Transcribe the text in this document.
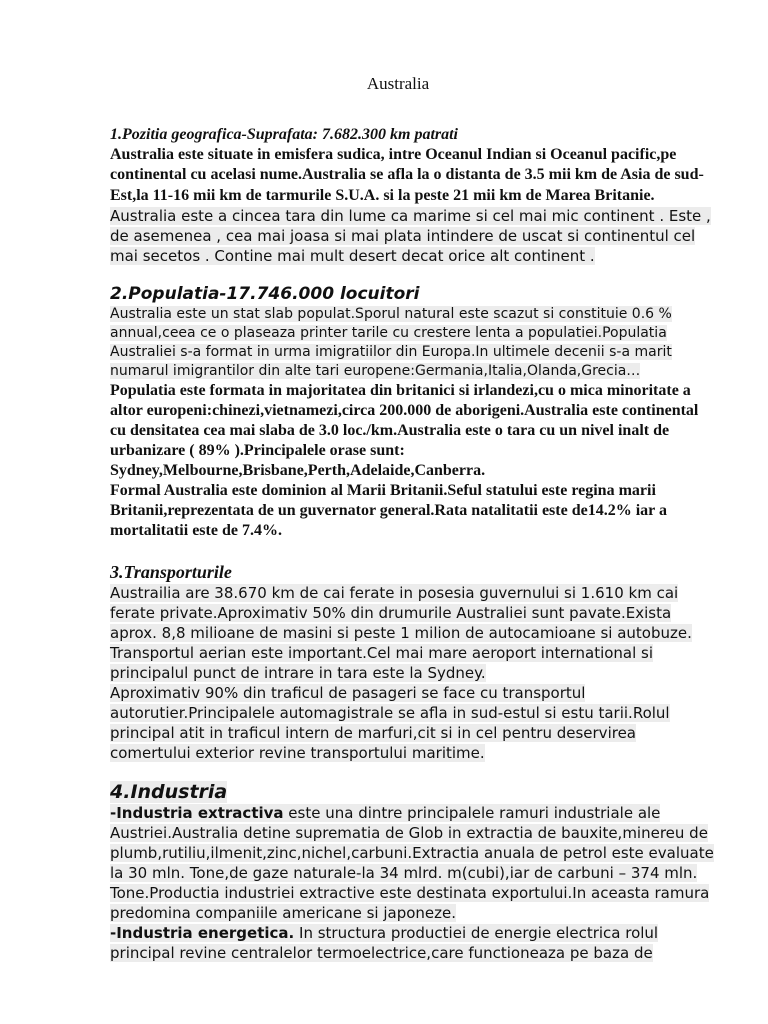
Australia
1.Pozitia geografica-Suprafata: 7.682.300 km patrati

Australia este situate in emisfera sudica, intre Oceanul Indian si Oceanul pacific,pe continental cu acelasi nume.Australia se afla la o distanta de 3.5 mii km de Asia de sud-Est,la 11-16 mii km de tarmurile S.U.A. si la peste 21 mii km de Marea Britanie. Australia este a cincea tara din lume ca marime si cel mai mic continent . Este , de asemenea , cea mai joasa si mai plata intindere de uscat si continentul cel mai secetos . Contine mai mult desert decat orice alt continent .

2.Populatia-17.746.000 locuitori

Australia este un stat slab populat.Sporul natural este scazut si constituie 0.6 % annual,ceea ce o plaseaza printer tarile cu crestere lenta a populatiei.Populatia Australiei s-a format in urma imigratiilor din Europa.In ultimele decenii s-a marit numarul imigrantilor din alte tari europene:Germania,Italia,Olanda,Grecia…

Populatia este formata in majoritatea din britanici si irlandezi,cu o mica minoritate a altor europeni:chinezi,vietnamezi,circa 200.000 de aborigeni.Australia este continental cu densitatea cea mai slaba de 3.0 loc./km.Australia este o tara cu un nivel inalt de urbanizare ( 89% ).Principalele orase sunt: Sydney,Melbourne,Brisbane,Perth,Adelaide,Canberra.

Formal Australia este dominion al Marii Britanii.Seful statului este regina marii Britanii,reprezentata de un guvernator general.Rata natalitatii este de14.2% iar a mortalitatii este de 7.4%.

3.Transporturile

Austrailia are 38.670 km de cai ferate in posesia guvernului si 1.610 km cai ferate private.Aproximativ 50% din drumurile Australiei sunt pavate.Exista aprox. 8,8 milioane de masini si peste 1 milion de autocamioane si autobuze. Transportul aerian este important.Cel mai mare aeroport international si principalul punct de intrare in tara este la Sydney.

Aproximativ 90% din traficul de pasageri se face cu transportul autorutier.Principalele automagistrale se afla in sud-estul si estu tarii.Rolul principal atit in traficul intern de marfuri,cit si in cel pentru deservirea comertului exterior revine transportului maritime.

4.Industria

-Industria extractiva este una dintre principalele ramuri industriale ale Austriei.Australia detine suprematia de Glob in extractia de bauxite,minereu de plumb,rutiliu,ilmenit,zinc,nichel,carbuni.Extractia anuala de petrol este evaluate la 30 mln. Tone,de gaze naturale-la 34 mlrd. m(cubi),iar de carbuni – 374 mln. Tone.Productia industriei extractive este destinata exportului.In aceasta ramura predomina companiile americane si japoneze.

-Industria energetica. In structura productiei de energie electrica rolul principal revine centralelor termoelectrice,care functioneaza pe baza de
